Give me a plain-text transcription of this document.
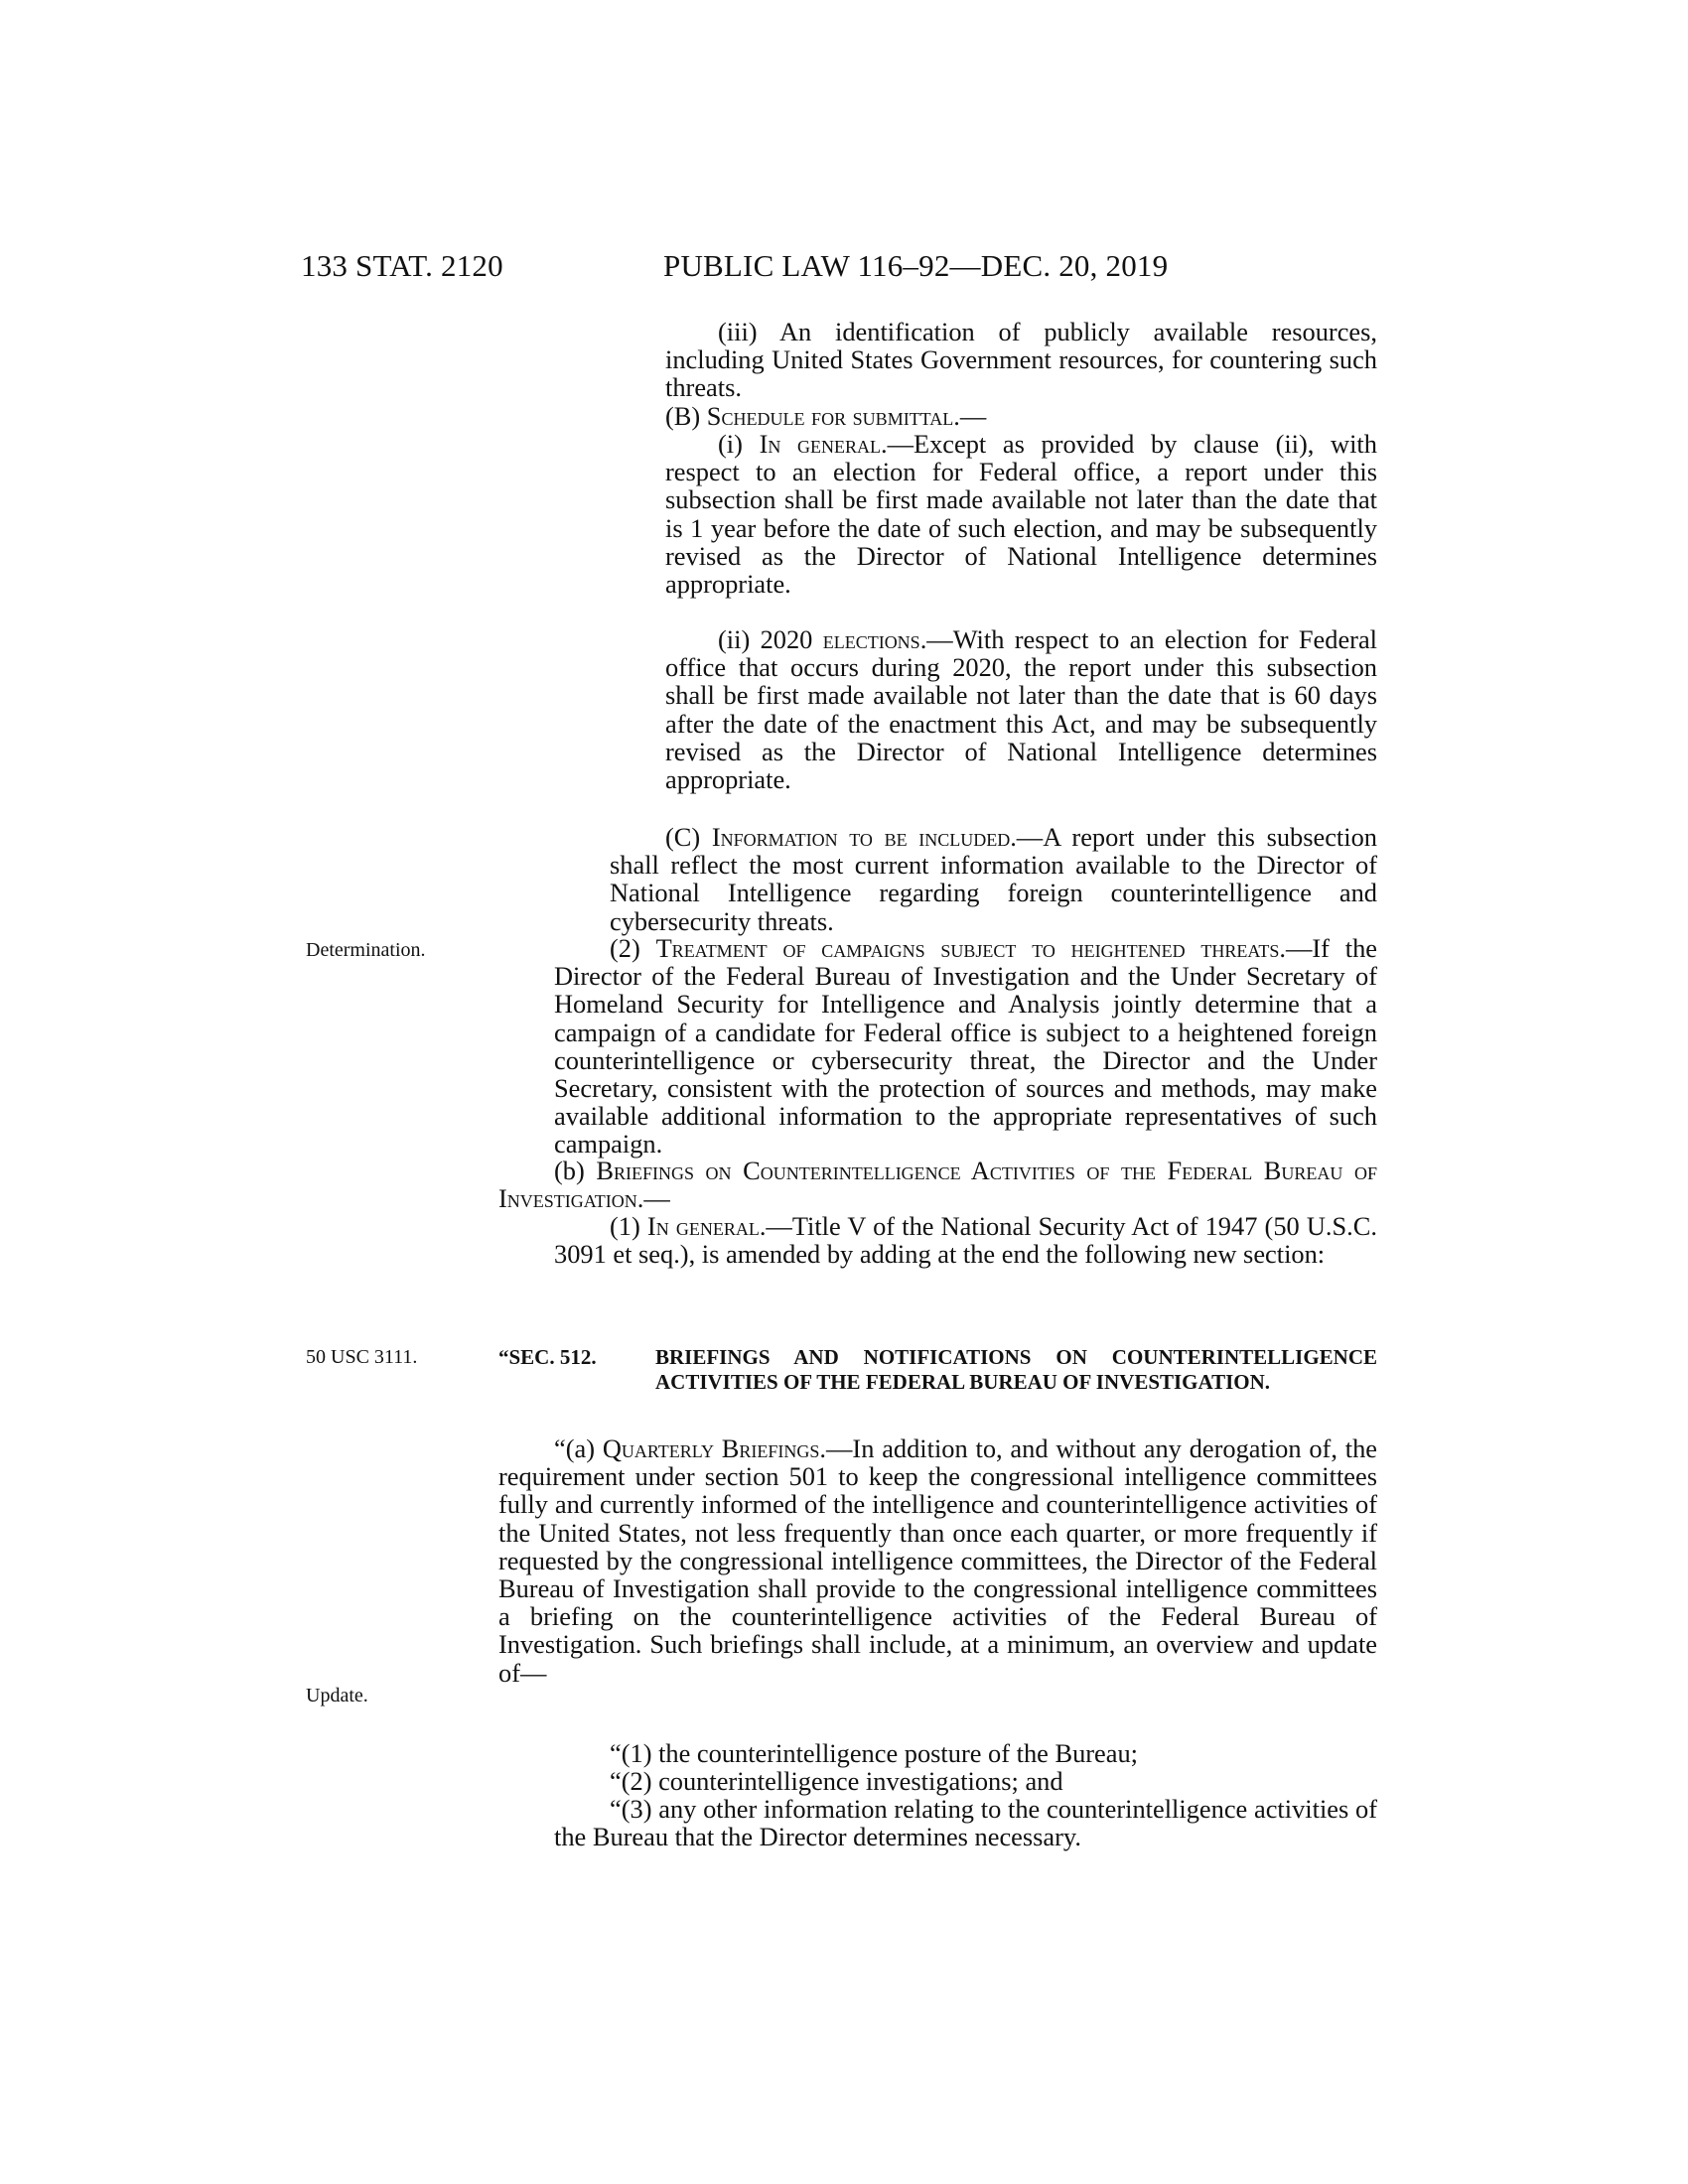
133 STAT. 2120	PUBLIC LAW 116–92—DEC. 20, 2019
(iii) An identification of publicly available resources, including United States Government resources, for countering such threats.
(B) Schedule for submittal.—
(i) In general.—Except as provided by clause (ii), with respect to an election for Federal office, a report under this subsection shall be first made available not later than the date that is 1 year before the date of such election, and may be subsequently revised as the Director of National Intelligence determines appropriate.
(ii) 2020 elections.—With respect to an election for Federal office that occurs during 2020, the report under this subsection shall be first made available not later than the date that is 60 days after the date of the enactment this Act, and may be subsequently revised as the Director of National Intelligence determines appropriate.
(C) Information to be included.—A report under this subsection shall reflect the most current information available to the Director of National Intelligence regarding foreign counterintelligence and cybersecurity threats.
Determination.	(2) Treatment of campaigns subject to heightened threats.—If the Director of the Federal Bureau of Investigation and the Under Secretary of Homeland Security for Intelligence and Analysis jointly determine that a campaign of a candidate for Federal office is subject to a heightened foreign counterintelligence or cybersecurity threat, the Director and the Under Secretary, consistent with the protection of sources and methods, may make available additional information to the appropriate representatives of such campaign.
(b) Briefings on Counterintelligence Activities of the Federal Bureau of Investigation.—
(1) In general.—Title V of the National Security Act of 1947 (50 U.S.C. 3091 et seq.), is amended by adding at the end the following new section:
50 USC 3111.	“SEC. 512.	BRIEFINGS AND NOTIFICATIONS ON COUNTERINTELLIGENCE ACTIVITIES OF THE FEDERAL BUREAU OF INVESTIGATION.
“(a) Quarterly Briefings.—In addition to, and without any derogation of, the requirement under section 501 to keep the congressional intelligence committees fully and currently informed of the intelligence and counterintelligence activities of the United States, not less frequently than once each quarter, or more frequently if requested by the congressional intelligence committees, the Director of the Federal Bureau of Investigation shall provide to the congressional intelligence committees a briefing on the counterintelligence activities of the Federal Bureau of Investigation. Such briefings shall include, at a minimum, an overview and update of—
Update.
“(1) the counterintelligence posture of the Bureau;
“(2) counterintelligence investigations; and
“(3) any other information relating to the counterintelligence activities of the Bureau that the Director determines necessary.
